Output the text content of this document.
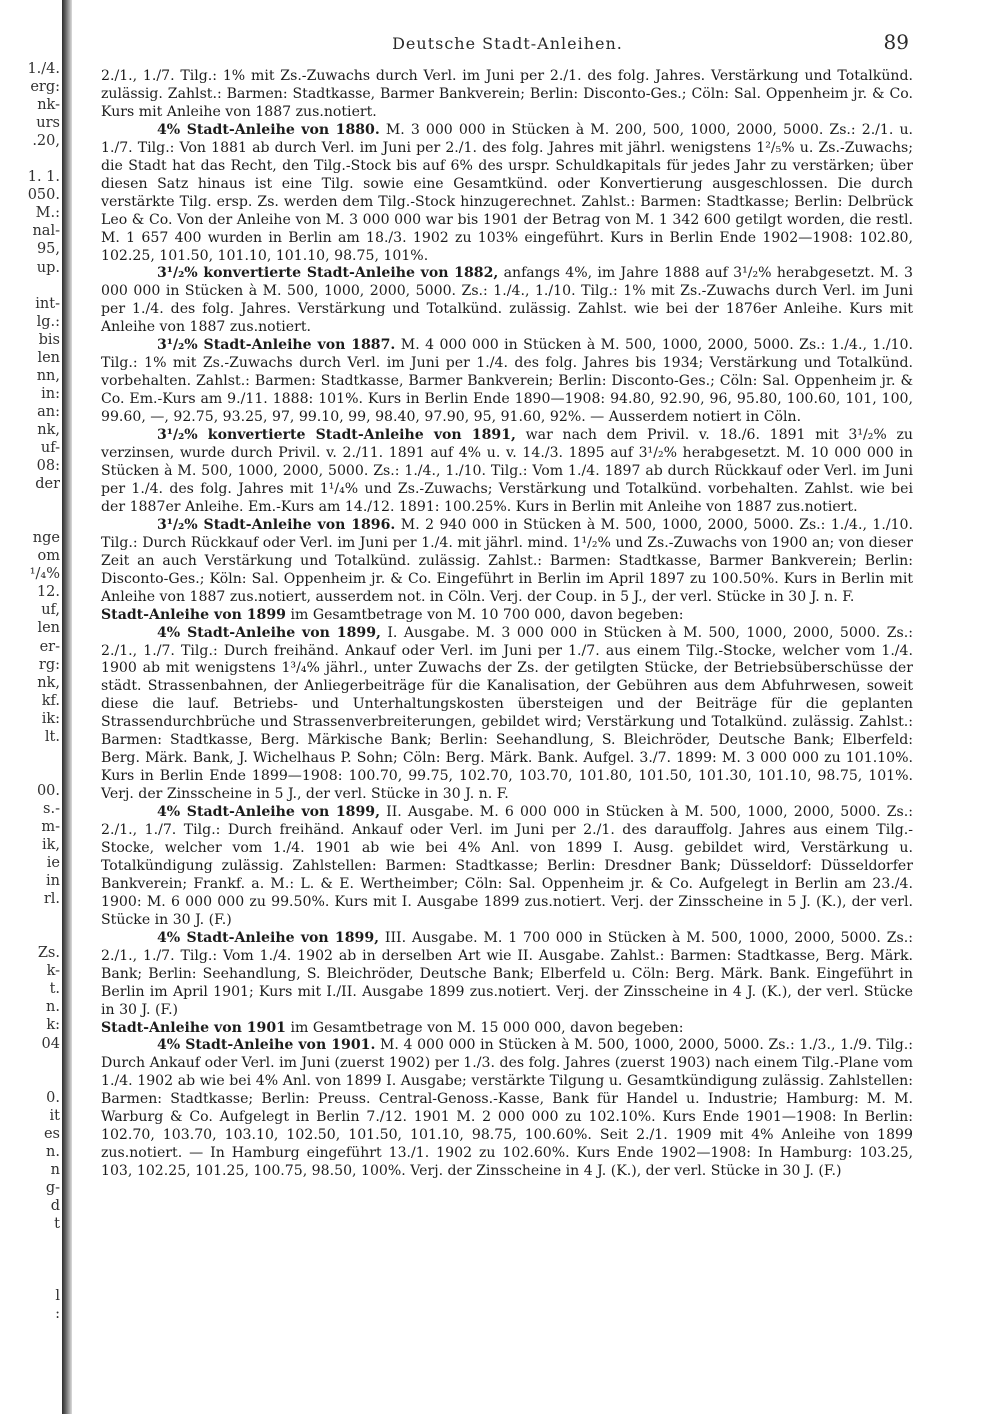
1./4.
erg:
nk-
urs
.20,
1. 1.
050.
M.:
nal-
95,
up.
int-
lg.:
bis
len
nn,
in:
an:
nk,
uf-
08:
der
nge
om
¹/₄%
12.
uf,
len
er-
rg:
nk,
kf.
ik:
lt.
00.
s.-
m-
ik,
ie
in
rl.
Zs.
k-
t.
n.
k:
04
0.
it
es
n.
n
g-
d
t
l
:
Deutsche Stadt-Anleihen.	89

2./1., 1./7. Tilg.: 1% mit Zs.-Zuwachs durch Verl. im Juni per 2./1. des folg. Jahres. Verstärkung und Totalkünd. zulässig. Zahlst.: Barmen: Stadtkasse, Barmer Bankverein; Berlin: Disconto-Ges.; Cöln: Sal. Oppenheim jr. & Co. Kurs mit Anleihe von 1887 zus.notiert.

4% Stadt-Anleihe von 1880. M. 3 000 000 in Stücken à M. 200, 500, 1000, 2000, 5000. Zs.: 2./1. u. 1./7. Tilg.: Von 1881 ab durch Verl. im Juni per 2./1. des folg. Jahres mit jährl. wenigstens 1²/₅% u. Zs.-Zuwachs; die Stadt hat das Recht, den Tilg.-Stock bis auf 6% des urspr. Schuldkapitals für jedes Jahr zu verstärken; über diesen Satz hinaus ist eine Tilg. sowie eine Gesamtkünd. oder Konvertierung ausgeschlossen. Die durch verstärkte Tilg. ersp. Zs. werden dem Tilg.-Stock hinzugerechnet. Zahlst.: Barmen: Stadtkasse; Berlin: Delbrück Leo & Co. Von der Anleihe von M. 3 000 000 war bis 1901 der Betrag von M. 1 342 600 getilgt worden, die restl. M. 1 657 400 wurden in Berlin am 18./3. 1902 zu 103% eingeführt. Kurs in Berlin Ende 1902—1908: 102.80, 102.25, 101.50, 101.10, 101.10, 98.75, 101%.

3¹/₂% konvertierte Stadt-Anleihe von 1882, anfangs 4%, im Jahre 1888 auf 3¹/₂% herabgesetzt. M. 3 000 000 in Stücken à M. 500, 1000, 2000, 5000. Zs.: 1./4., 1./10. Tilg.: 1% mit Zs.-Zuwachs durch Verl. im Juni per 1./4. des folg. Jahres. Verstärkung und Totalkünd. zulässig. Zahlst. wie bei der 1876er Anleihe. Kurs mit Anleihe von 1887 zus.notiert.

3¹/₂% Stadt-Anleihe von 1887. M. 4 000 000 in Stücken à M. 500, 1000, 2000, 5000. Zs.: 1./4., 1./10. Tilg.: 1% mit Zs.-Zuwachs durch Verl. im Juni per 1./4. des folg. Jahres bis 1934; Verstärkung und Totalkünd. vorbehalten. Zahlst.: Barmen: Stadtkasse, Barmer Bankverein; Berlin: Disconto-Ges.; Cöln: Sal. Oppenheim jr. & Co. Em.-Kurs am 9./11. 1888: 101%. Kurs in Berlin Ende 1890—1908: 94.80, 92.90, 96, 95.80, 100.60, 101, 100, 99.60, —, 92.75, 93.25, 97, 99.10, 99, 98.40, 97.90, 95, 91.60, 92%. — Ausserdem notiert in Cöln.

3¹/₂% konvertierte Stadt-Anleihe von 1891, war nach dem Privil. v. 18./6. 1891 mit 3¹/₂% zu verzinsen, wurde durch Privil. v. 2./11. 1891 auf 4% u. v. 14./3. 1895 auf 3¹/₂% herabgesetzt. M. 10 000 000 in Stücken à M. 500, 1000, 2000, 5000. Zs.: 1./4., 1./10. Tilg.: Vom 1./4. 1897 ab durch Rückkauf oder Verl. im Juni per 1./4. des folg. Jahres mit 1¹/₄% und Zs.-Zuwachs; Verstärkung und Totalkünd. vorbehalten. Zahlst. wie bei der 1887er Anleihe. Em.-Kurs am 14./12. 1891: 100.25%. Kurs in Berlin mit Anleihe von 1887 zus.notiert.

3¹/₂% Stadt-Anleihe von 1896. M. 2 940 000 in Stücken à M. 500, 1000, 2000, 5000. Zs.: 1./4., 1./10. Tilg.: Durch Rückkauf oder Verl. im Juni per 1./4. mit jährl. mind. 1¹/₂% und Zs.-Zuwachs von 1900 an; von dieser Zeit an auch Verstärkung und Totalkünd. zulässig. Zahlst.: Barmen: Stadtkasse, Barmer Bankverein; Berlin: Disconto-Ges.; Köln: Sal. Oppenheim jr. & Co. Eingeführt in Berlin im April 1897 zu 100.50%. Kurs in Berlin mit Anleihe von 1887 zus.notiert, ausserdem not. in Cöln. Verj. der Coup. in 5 J., der verl. Stücke in 30 J. n. F.

Stadt-Anleihe von 1899 im Gesamtbetrage von M. 10 700 000, davon begeben:

4% Stadt-Anleihe von 1899, I. Ausgabe. M. 3 000 000 in Stücken à M. 500, 1000, 2000, 5000. Zs.: 2./1., 1./7. Tilg.: Durch freihänd. Ankauf oder Verl. im Juni per 1./7. aus einem Tilg.-Stocke, welcher vom 1./4. 1900 ab mit wenigstens 1³/₄% jährl., unter Zuwachs der Zs. der getilgten Stücke, der Betriebsüberschüsse der städt. Strassenbahnen, der Anliegerbeiträge für die Kanalisation, der Gebühren aus dem Abfuhrwesen, soweit diese die lauf. Betriebs- und Unterhaltungskosten übersteigen und der Beiträge für die geplanten Strassendurchbrüche und Strassenverbreiterungen, gebildet wird; Verstärkung und Totalkünd. zulässig. Zahlst.: Barmen: Stadtkasse, Berg. Märkische Bank; Berlin: Seehandlung, S. Bleichröder, Deutsche Bank; Elberfeld: Berg. Märk. Bank, J. Wichelhaus P. Sohn; Cöln: Berg. Märk. Bank. Aufgel. 3./7. 1899: M. 3 000 000 zu 101.10%. Kurs in Berlin Ende 1899—1908: 100.70, 99.75, 102.70, 103.70, 101.80, 101.50, 101.30, 101.10, 98.75, 101%. Verj. der Zinsscheine in 5 J., der verl. Stücke in 30 J. n. F.

4% Stadt-Anleihe von 1899, II. Ausgabe. M. 6 000 000 in Stücken à M. 500, 1000, 2000, 5000. Zs.: 2./1., 1./7. Tilg.: Durch freihänd. Ankauf oder Verl. im Juni per 2./1. des darauffolg. Jahres aus einem Tilg.-Stocke, welcher vom 1./4. 1901 ab wie bei 4% Anl. von 1899 I. Ausg. gebildet wird, Verstärkung u. Totalkündigung zulässig. Zahlstellen: Barmen: Stadtkasse; Berlin: Dresdner Bank; Düsseldorf: Düsseldorfer Bankverein; Frankf. a. M.: L. & E. Wertheimber; Cöln: Sal. Oppenheim jr. & Co. Aufgelegt in Berlin am 23./4. 1900: M. 6 000 000 zu 99.50%. Kurs mit I. Ausgabe 1899 zus.notiert. Verj. der Zinsscheine in 5 J. (K.), der verl. Stücke in 30 J. (F.)

4% Stadt-Anleihe von 1899, III. Ausgabe. M. 1 700 000 in Stücken à M. 500, 1000, 2000, 5000. Zs.: 2./1., 1./7. Tilg.: Vom 1./4. 1902 ab in derselben Art wie II. Ausgabe. Zahlst.: Barmen: Stadtkasse, Berg. Märk. Bank; Berlin: Seehandlung, S. Bleichröder, Deutsche Bank; Elberfeld u. Cöln: Berg. Märk. Bank. Eingeführt in Berlin im April 1901; Kurs mit I./II. Ausgabe 1899 zus.notiert. Verj. der Zinsscheine in 4 J. (K.), der verl. Stücke in 30 J. (F.)

Stadt-Anleihe von 1901 im Gesamtbetrage von M. 15 000 000, davon begeben:

4% Stadt-Anleihe von 1901. M. 4 000 000 in Stücken à M. 500, 1000, 2000, 5000. Zs.: 1./3., 1./9. Tilg.: Durch Ankauf oder Verl. im Juni (zuerst 1902) per 1./3. des folg. Jahres (zuerst 1903) nach einem Tilg.-Plane vom 1./4. 1902 ab wie bei 4% Anl. von 1899 I. Ausgabe; verstärkte Tilgung u. Gesamtkündigung zulässig. Zahlstellen: Barmen: Stadtkasse; Berlin: Preuss. Central-Genoss.-Kasse, Bank für Handel u. Industrie; Hamburg: M. M. Warburg & Co. Aufgelegt in Berlin 7./12. 1901 M. 2 000 000 zu 102.10%. Kurs Ende 1901—1908: In Berlin: 102.70, 103.70, 103.10, 102.50, 101.50, 101.10, 98.75, 100.60%. Seit 2./1. 1909 mit 4% Anleihe von 1899 zus.notiert. — In Hamburg eingeführt 13./1. 1902 zu 102.60%. Kurs Ende 1902—1908: In Hamburg: 103.25, 103, 102.25, 101.25, 100.75, 98.50, 100%. Verj. der Zinsscheine in 4 J. (K.), der verl. Stücke in 30 J. (F.)
